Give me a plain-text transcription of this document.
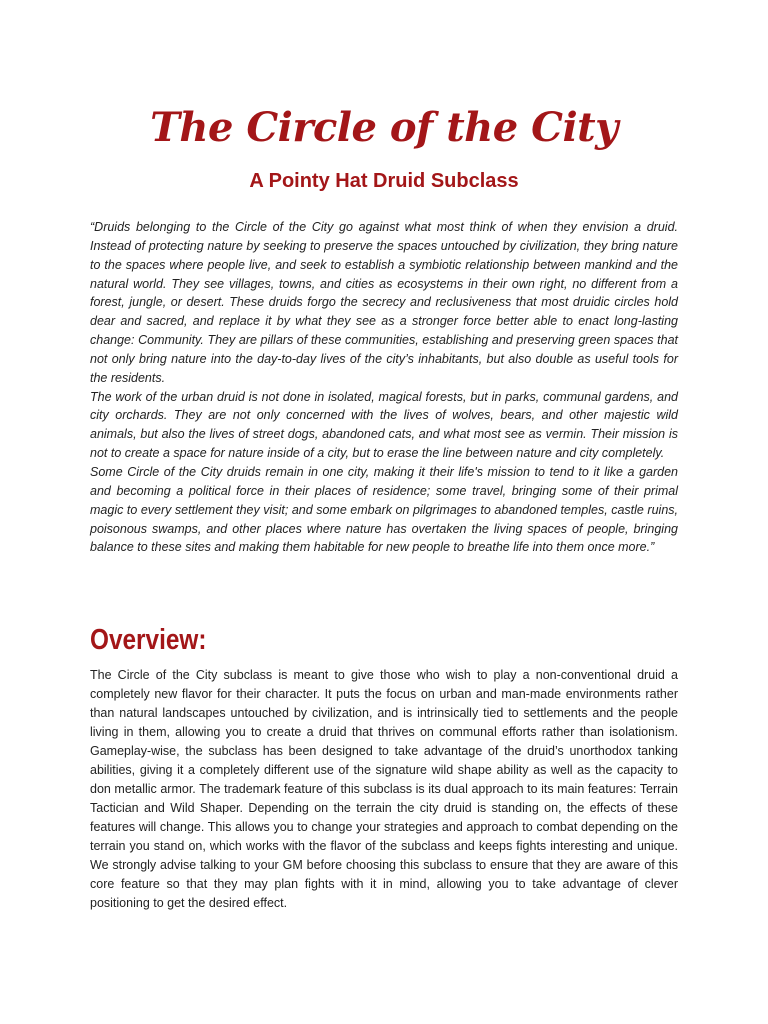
The Circle of the City
A Pointy Hat Druid Subclass

“Druids belonging to the Circle of the City go against what most think of when they envision a druid. Instead of protecting nature by seeking to preserve the spaces untouched by civilization, they bring nature to the spaces where people live, and seek to establish a symbiotic relationship between mankind and the natural world. They see villages, towns, and cities as ecosystems in their own right, no different from a forest, jungle, or desert. These druids forgo the secrecy and reclusiveness that most druidic circles hold dear and sacred, and replace it by what they see as a stronger force better able to enact long-lasting change: Community. They are pillars of these communities, establishing and preserving green spaces that not only bring nature into the day-to-day lives of the city’s inhabitants, but also double as useful tools for the residents.

The work of the urban druid is not done in isolated, magical forests, but in parks, communal gardens, and city orchards. They are not only concerned with the lives of wolves, bears, and other majestic wild animals, but also the lives of street dogs, abandoned cats, and what most see as vermin. Their mission is not to create a space for nature inside of a city, but to erase the line between nature and city completely.

Some Circle of the City druids remain in one city, making it their life's mission to tend to it like a garden and becoming a political force in their places of residence; some travel, bringing some of their primal magic to every settlement they visit; and some embark on pilgrimages to abandoned temples, castle ruins, poisonous swamps, and other places where nature has overtaken the living spaces of people, bringing balance to these sites and making them habitable for new people to breathe life into them once more.”

Overview:

The Circle of the City subclass is meant to give those who wish to play a non-conventional druid a completely new flavor for their character. It puts the focus on urban and man-made environments rather than natural landscapes untouched by civilization, and is intrinsically tied to settlements and the people living in them, allowing you to create a druid that thrives on communal efforts rather than isolationism. Gameplay-wise, the subclass has been designed to take advantage of the druid’s unorthodox tanking abilities, giving it a completely different use of the signature wild shape ability as well as the capacity to don metallic armor. The trademark feature of this subclass is its dual approach to its main features: Terrain Tactician and Wild Shaper. Depending on the terrain the city druid is standing on, the effects of these features will change. This allows you to change your strategies and approach to combat depending on the terrain you stand on, which works with the flavor of the subclass and keeps fights interesting and unique. We strongly advise talking to your GM before choosing this subclass to ensure that they are aware of this core feature so that they may plan fights with it in mind, allowing you to take advantage of clever positioning to get the desired effect.
